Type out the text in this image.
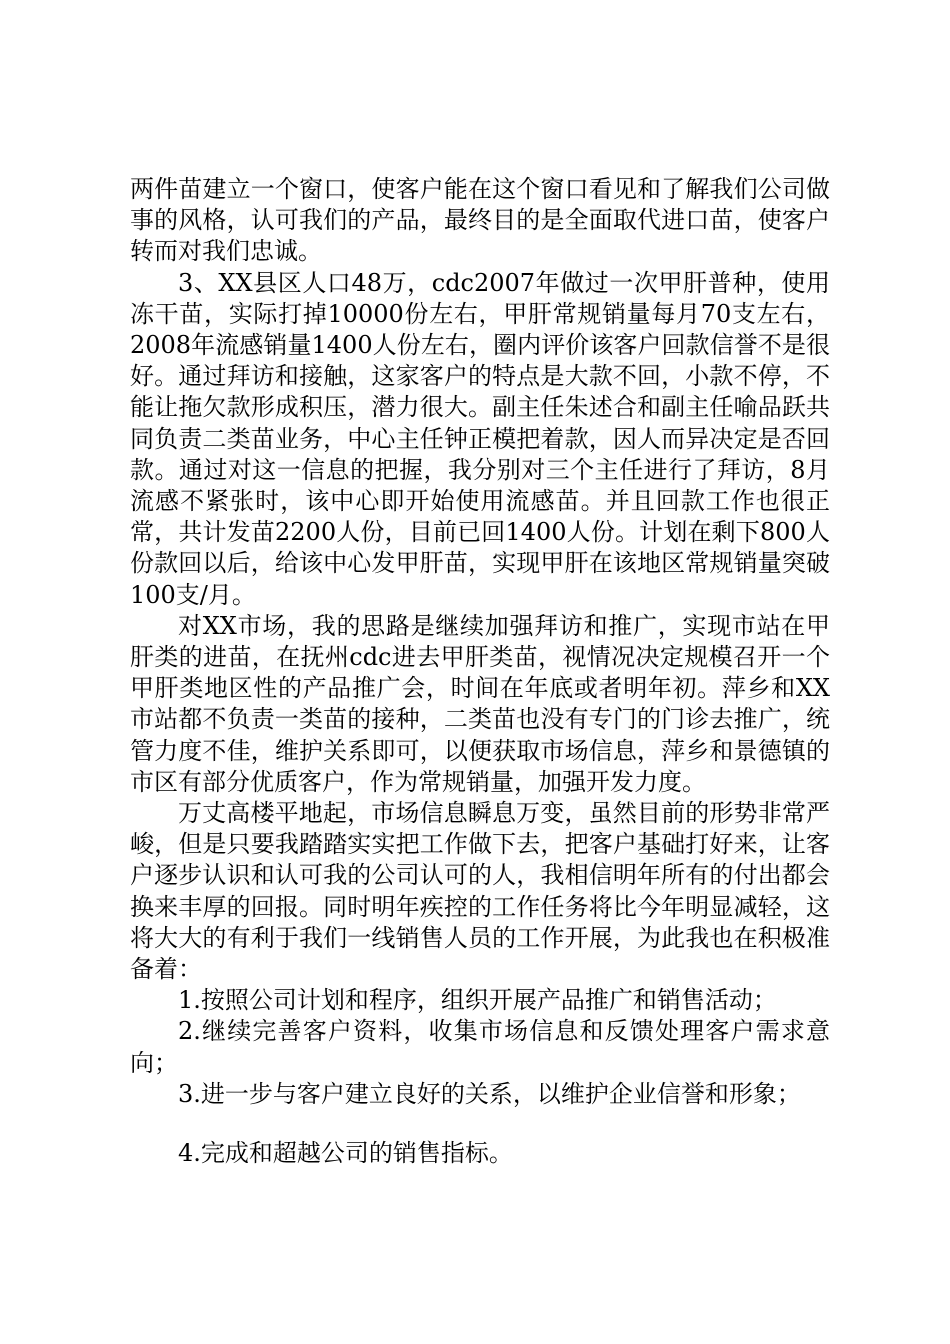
两件苗建立一个窗口，使客户能在这个窗口看见和了解我们公司做事的风格，认可我们的产品，最终目的是全面取代进口苗，使客户转而对我们忠诚。

3、XX县区人口48万，cdc2007年做过一次甲肝普种，使用冻干苗，实际打掉10000份左右，甲肝常规销量每月70支左右，2008年流感销量1400人份左右，圈内评价该客户回款信誉不是很好。通过拜访和接触，这家客户的特点是大款不回，小款不停，不能让拖欠款形成积压，潜力很大。副主任朱述合和副主任喻品跃共同负责二类苗业务，中心主任钟正模把着款，因人而异决定是否回款。通过对这一信息的把握，我分别对三个主任进行了拜访，8月流感不紧张时，该中心即开始使用流感苗。并且回款工作也很正常，共计发苗2200人份，目前已回1400人份。计划在剩下800人份款回以后，给该中心发甲肝苗，实现甲肝在该地区常规销量突破100支/月。

对XX市场，我的思路是继续加强拜访和推广，实现市站在甲肝类的进苗，在抚州cdc进去甲肝类苗，视情况决定规模召开一个甲肝类地区性的产品推广会，时间在年底或者明年初。萍乡和XX市站都不负责一类苗的接种，二类苗也没有专门的门诊去推广，统管力度不佳，维护关系即可，以便获取市场信息，萍乡和景德镇的市区有部分优质客户，作为常规销量，加强开发力度。

万丈高楼平地起，市场信息瞬息万变，虽然目前的形势非常严峻，但是只要我踏踏实实把工作做下去，把客户基础打好来，让客户逐步认识和认可我的公司认可的人，我相信明年所有的付出都会换来丰厚的回报。同时明年疾控的工作任务将比今年明显减轻，这将大大的有利于我们一线销售人员的工作开展，为此我也在积极准备着：

1.按照公司计划和程序，组织开展产品推广和销售活动；

2.继续完善客户资料，收集市场信息和反馈处理客户需求意向；

3.进一步与客户建立良好的关系，以维护企业信誉和形象；

4.完成和超越公司的销售指标。
